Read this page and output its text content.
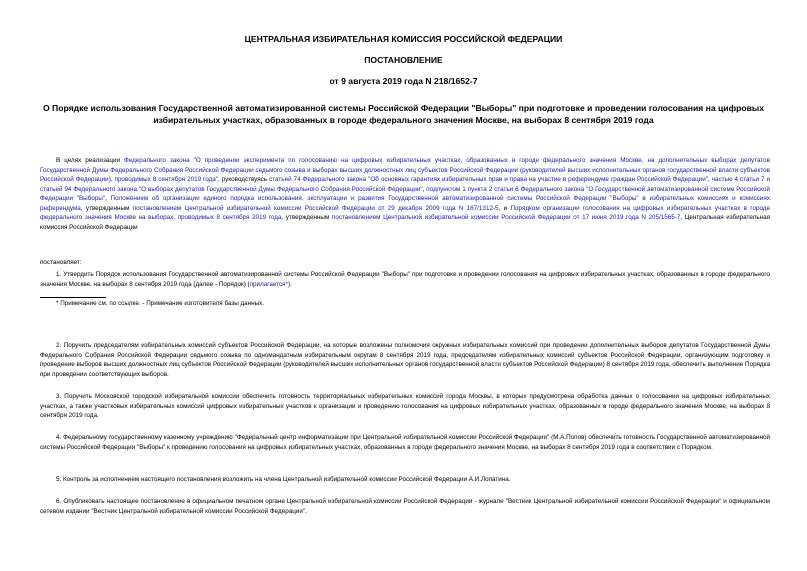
ЦЕНТРАЛЬНАЯ ИЗБИРАТЕЛЬНАЯ КОМИССИЯ РОССИЙСКОЙ ФЕДЕРАЦИИ
ПОСТАНОВЛЕНИЕ
от 9 августа 2019 года N 218/1652-7
О Порядке использования Государственной автоматизированной системы Российской Федерации "Выборы" при подготовке и проведении голосования на цифровых избирательных участках, образованных в городе федерального значения Москве, на выборах 8 сентября 2019 года
В целях реализации Федерального закона "О проведении эксперимента по голосованию на цифровых избирательных участках, образованных в городе федерального значения Москве, на дополнительных выборах депутатов Государственной Думы Федерального Собрания Российской Федерации седьмого созыва и выборах высших должностных лиц субъектов Российской Федерации (руководителей высших исполнительных органов государственной власти субъектов Российской Федерации), проводимых 8 сентября 2019 года", руководствуясь статьей 74 Федерального закона "Об основных гарантиях избирательных прав и права на участие в референдуме граждан Российской Федерации", частью 4 статьи 7 и статьей 94 Федерального закона "О выборах депутатов Государственной Думы Федерального Собрания Российской Федерации", подпунктом 1 пункта 2 статьи 6 Федерального закона "О Государственной автоматизированной системе Российской Федерации "Выборы", Положением об организации единого порядка использования, эксплуатации и развития Государственной автоматизированной системы Российской Федерации "Выборы" в избирательных комиссиях и комиссиях референдума, утвержденным постановлением Центральной избирательной комиссии Российской Федерации от 29 декабря 2009 года N 187/1312-5, и Порядком организации голосования на цифровых избирательных участках в городе федерального значения Москве на выборах, проводимых 8 сентября 2019 года, утвержденным постановлением Центральной избирательной комиссии Российской Федерации от 17 июня 2019 года N 205/1565-7, Центральная избирательная комиссия Российской Федерации
постановляет:
1. Утвердить Порядок использования Государственной автоматизированной системы Российской Федерации "Выборы" при подготовке и проведении голосования на цифровых избирательных участках, образованных в городе федерального значения Москве, на выборах 8 сентября 2019 года (далее - Порядок) (прилагается*).
* Примечание см. по ссылке. - Примечание изготовителя базы данных.
2. Поручить председателям избирательных комиссий субъектов Российской Федерации, на которые возложены полномочия окружных избирательных комиссий при проведении дополнительных выборов депутатов Государственной Думы Федерального Собрания Российской Федерации седьмого созыва по одномандатным избирательным округам 8 сентября 2019 года, председателям избирательных комиссий субъектов Российской Федерации, организующим подготовку и проведение выборов высших должностных лиц субъектов Российской Федерации (руководителей высших исполнительных органов государственной власти субъектов Российской Федерации) 8 сентября 2019 года, обеспечить выполнение Порядка при проведении соответствующих выборов.
3. Поручить Московской городской избирательной комиссии обеспечить готовность территориальных избирательных комиссий города Москвы, в которых предусмотрена обработка данных о голосовании на цифровых избирательных участках, а также участковых избирательных комиссий цифровых избирательных участков к организации и проведению голосования на цифровых избирательных участках, образованных в городе федерального значения Москве, на выборах 8 сентября 2019 года.
4. Федеральному государственному казенному учреждению "Федеральный центр информатизации при Центральной избирательной комиссии Российской Федерации" (М.А.Попов) обеспечить готовность Государственной автоматизированной системы Российской Федерации "Выборы" к проведению голосования на цифровых избирательных участках, образованных в городе федерального значения Москве, на выборах 8 сентября 2019 года в соответствии с Порядком.
5. Контроль за исполнением настоящего постановления возложить на члена Центральной избирательной комиссии Российской Федерации А.И.Лопатина.
6. Опубликовать настоящее постановление в официальном печатном органе Центральной избирательной комиссии Российской Федерации - журнале "Вестник Центральной избирательной комиссии Российской Федерации" и официальном сетевом издании "Вестник Центральной избирательной комиссии Российской Федерации".
